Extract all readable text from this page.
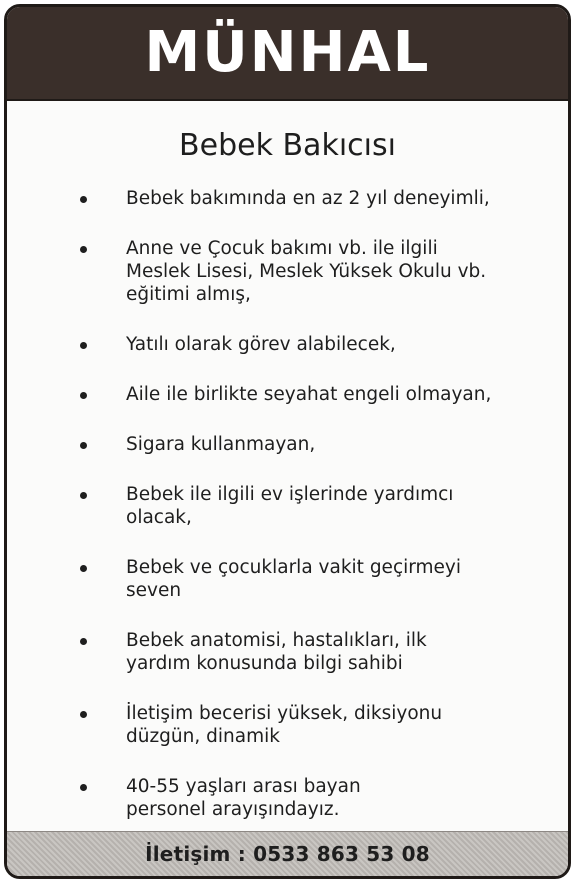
MÜNHAL
Bebek Bakıcısı
Bebek bakımında en az 2 yıl deneyimli,
Anne ve Çocuk bakımı vb. ile ilgili
Meslek Lisesi, Meslek Yüksek Okulu vb.
eğitimi almış,
Yatılı olarak görev alabilecek,
Aile ile birlikte seyahat engeli olmayan,
Sigara kullanmayan,
Bebek ile ilgili ev işlerinde yardımcı
olacak,
Bebek ve çocuklarla vakit geçirmeyi
seven
Bebek anatomisi, hastalıkları, ilk
yardım konusunda bilgi sahibi
İletişim becerisi yüksek, diksiyonu
düzgün, dinamik
40-55 yaşları arası bayan
personel arayışındayız.
İletişim : 0533 863 53 08
